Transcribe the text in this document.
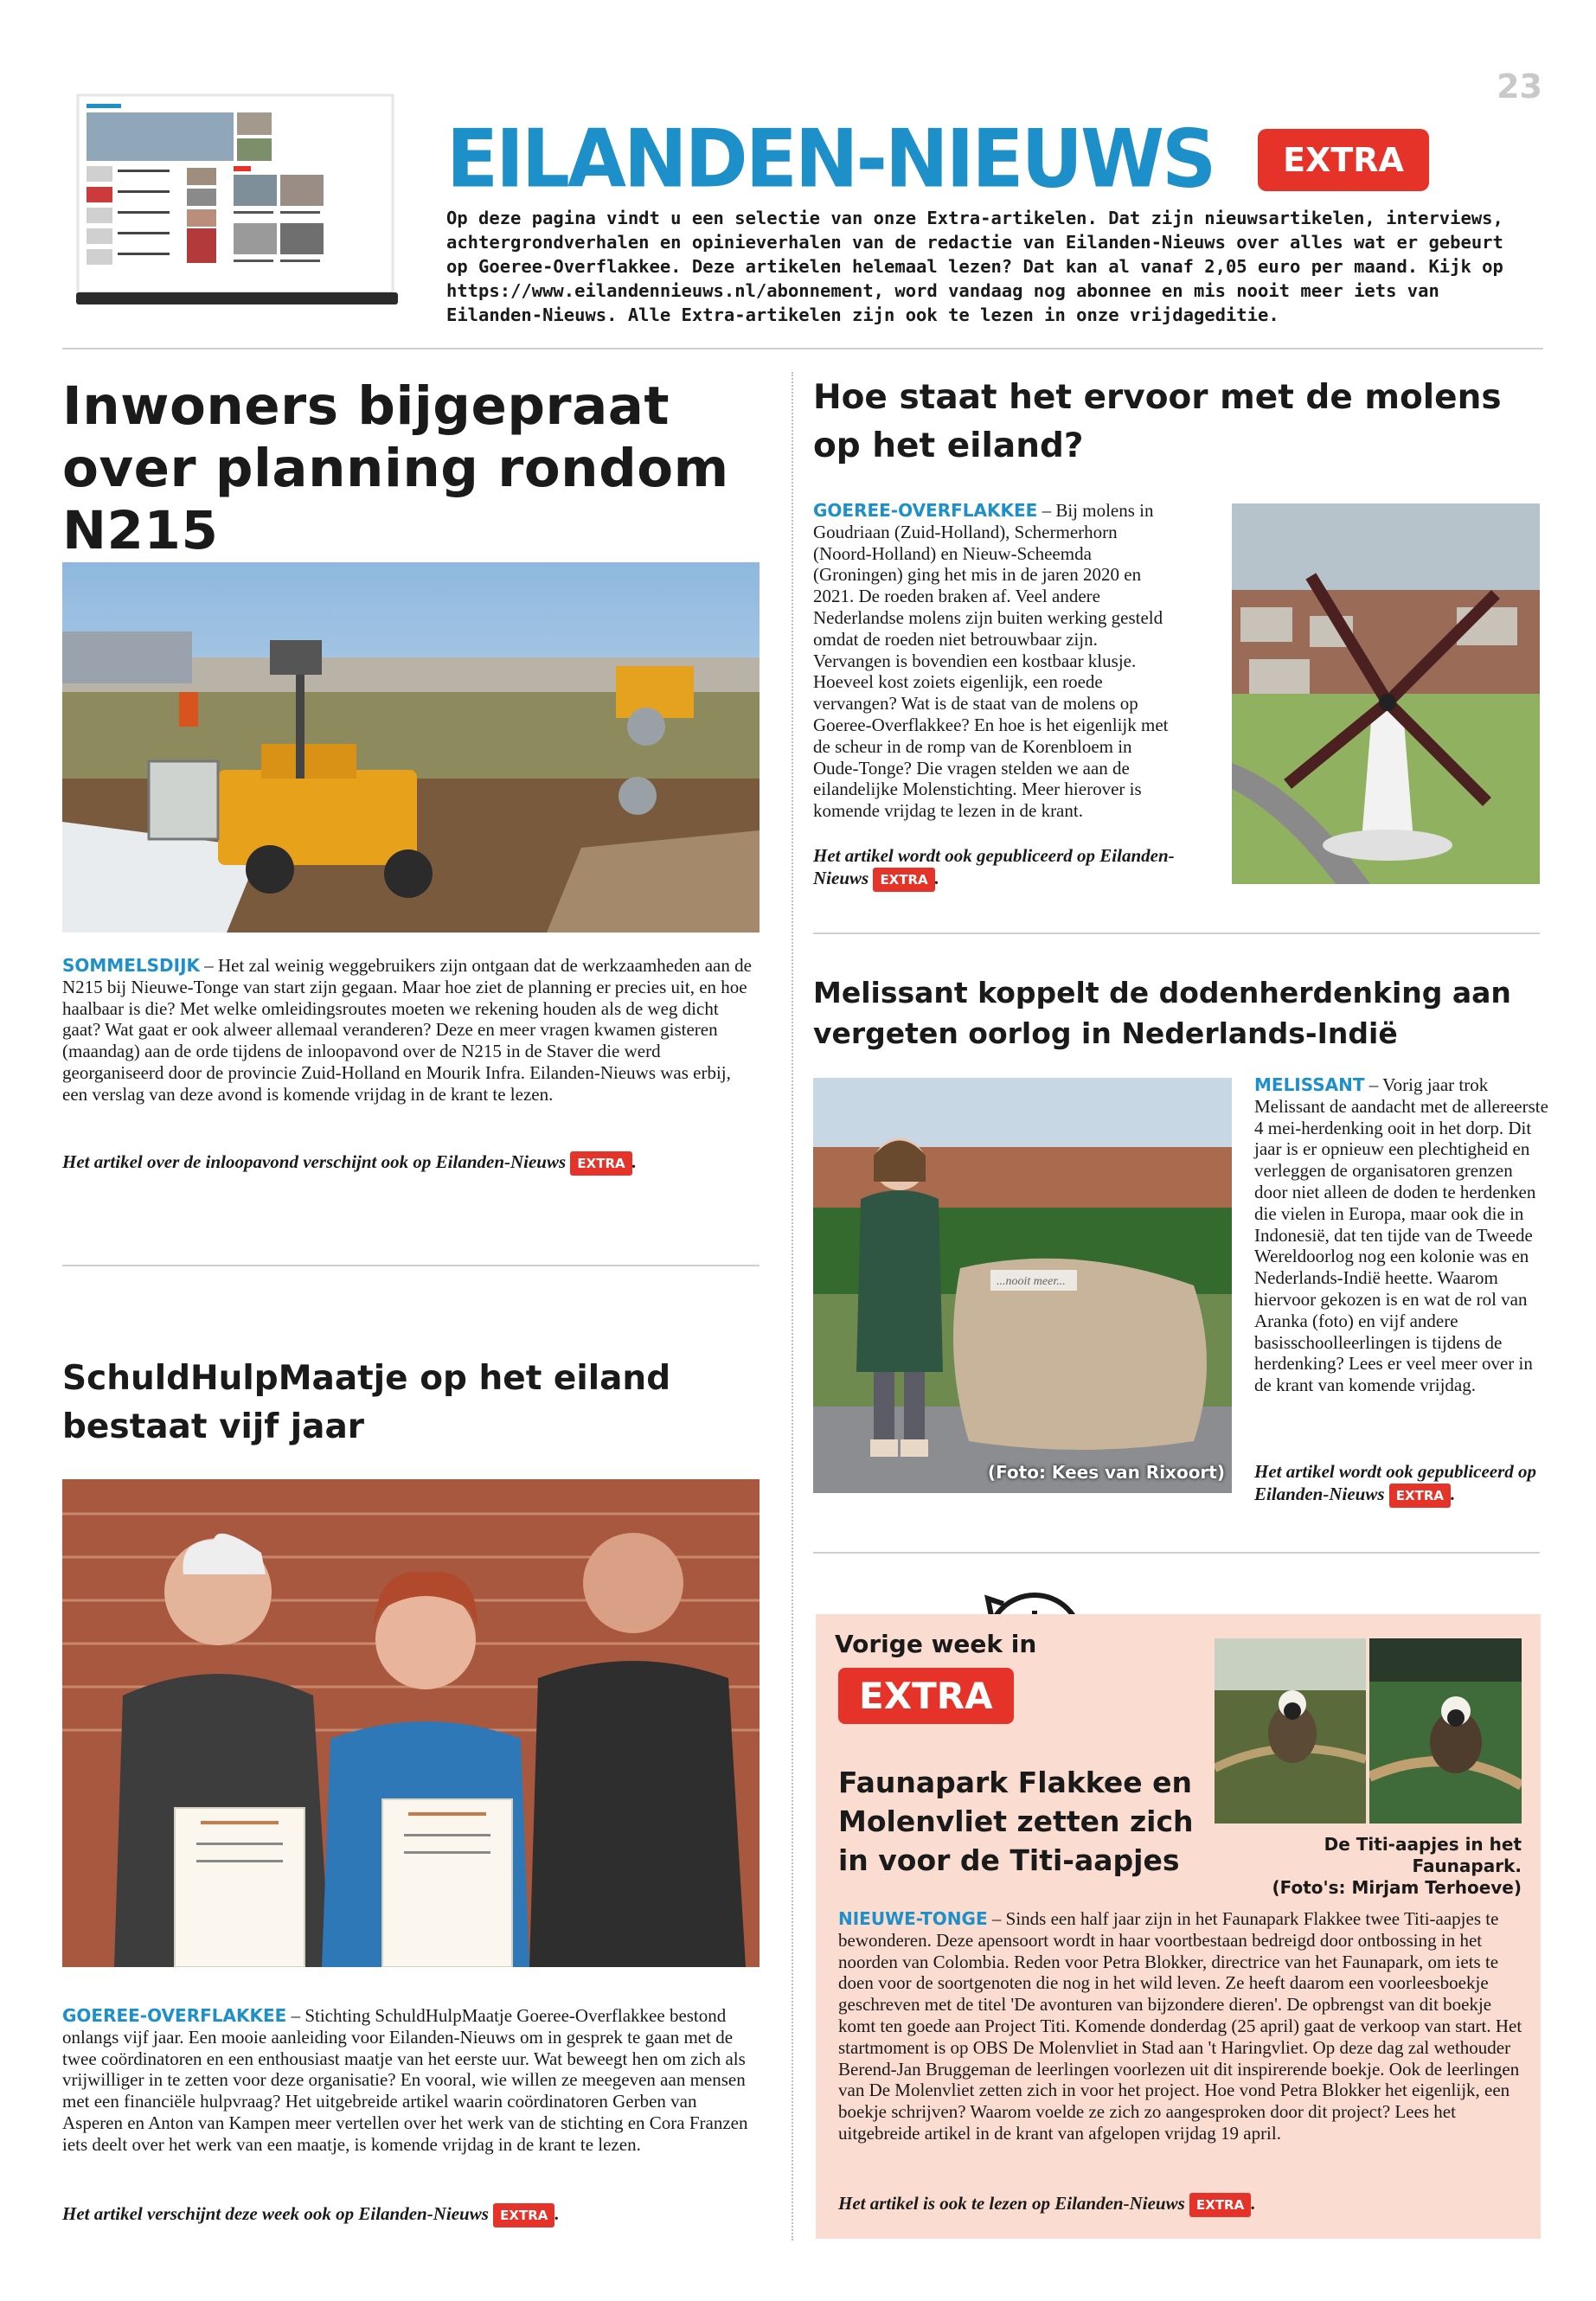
23
EILANDEN-NIEUWS	EXTRA
Op deze pagina vindt u een selectie van onze Extra-artikelen. Dat zijn nieuwsartikelen, interviews, achtergrondverhalen en opinieverhalen van de redactie van Eilanden-Nieuws over alles wat er gebeurt op Goeree-Overflakkee. Deze artikelen helemaal lezen? Dat kan al vanaf 2,05 euro per maand. Kijk op https://www.eilandennieuws.nl/abonnement, word vandaag nog abonnee en mis nooit meer iets van Eilanden-Nieuws. Alle Extra-artikelen zijn ook te lezen in onze vrijdageditie.
Inwoners bijgepraat over planning rondom N215
SOMMELSDIJK – Het zal weinig weggebruikers zijn ontgaan dat de werkzaamheden aan de N215 bij Nieuwe-Tonge van start zijn gegaan. Maar hoe ziet de planning er precies uit, en hoe haalbaar is die? Met welke omleidingsroutes moeten we rekening houden als de weg dicht gaat? Wat gaat er ook alweer allemaal veranderen? Deze en meer vragen kwamen gisteren (maandag) aan de orde tijdens de inloopavond over de N215 in de Staver die werd georganiseerd door de provincie Zuid-Holland en Mourik Infra. Eilanden-Nieuws was erbij, een verslag van deze avond is komende vrijdag in de krant te lezen.
Het artikel over de inloopavond verschijnt ook op Eilanden-Nieuws EXTRA .
SchuldHulpMaatje op het eiland bestaat vijf jaar
GOEREE-OVERFLAKKEE – Stichting SchuldHulpMaatje Goeree-Overflakkee bestond onlangs vijf jaar. Een mooie aanleiding voor Eilanden-Nieuws om in gesprek te gaan met de twee coördinatoren en een enthousiast maatje van het eerste uur. Wat beweegt hen om zich als vrijwilliger in te zetten voor deze organisatie? En vooral, wie willen ze meegeven aan mensen met een financiële hulpvraag? Het uitgebreide artikel waarin coördinatoren Gerben van Asperen en Anton van Kampen meer vertellen over het werk van de stichting en Cora Franzen iets deelt over het werk van een maatje, is komende vrijdag in de krant te lezen.
Het artikel verschijnt deze week ook op Eilanden-Nieuws EXTRA .
Hoe staat het ervoor met de molens op het eiland?
GOEREE-OVERFLAKKEE – Bij molens in Goudriaan (Zuid-Holland), Schermerhorn (Noord-Holland) en Nieuw-Scheemda (Groningen) ging het mis in de jaren 2020 en 2021. De roeden braken af. Veel andere Nederlandse molens zijn buiten werking gesteld omdat de roeden niet betrouwbaar zijn. Vervangen is bovendien een kostbaar klusje. Hoeveel kost zoiets eigenlijk, een roede vervangen? Wat is de staat van de molens op Goeree-Overflakkee? En hoe is het eigenlijk met de scheur in de romp van de Korenbloem in Oude-Tonge? Die vragen stelden we aan de eilandelijke Molenstichting. Meer hierover is komende vrijdag te lezen in de krant.
Het artikel wordt ook gepubliceerd op Eilanden-Nieuws EXTRA .
Melissant koppelt de dodenherdenking aan vergeten oorlog in Nederlands-Indië
...nooit meer...
(Foto: Kees van Rixoort)
MELISSANT – Vorig jaar trok Melissant de aandacht met de allereerste 4 mei-herdenking ooit in het dorp. Dit jaar is er opnieuw een plechtigheid en verleggen de organisatoren grenzen door niet alleen de doden te herdenken die vielen in Europa, maar ook die in Indonesië, dat ten tijde van de Tweede Wereldoorlog nog een kolonie was en Nederlands-Indië heette. Waarom hiervoor gekozen is en wat de rol van Aranka (foto) en vijf andere basisschoolleerlingen is tijdens de herdenking? Lees er veel meer over in de krant van komende vrijdag.
Het artikel wordt ook gepubliceerd op Eilanden-Nieuws EXTRA .
Vorige week in
EXTRA
Faunapark Flakkee en Molenvliet zetten zich in voor de Titi-aapjes	De Titi-aapjes in het Faunapark.
(Foto's: Mirjam Terhoeve)
NIEUWE-TONGE – Sinds een half jaar zijn in het Faunapark Flakkee twee Titi-aapjes te bewonderen. Deze apensoort wordt in haar voortbestaan bedreigd door ontbossing in het noorden van Colombia. Reden voor Petra Blokker, directrice van het Faunapark, om iets te doen voor de soortgenoten die nog in het wild leven. Ze heeft daarom een voorleesboekje geschreven met de titel 'De avonturen van bijzondere dieren'. De opbrengst van dit boekje komt ten goede aan Project Titi. Komende donderdag (25 april) gaat de verkoop van start. Het startmoment is op OBS De Molenvliet in Stad aan 't Haringvliet. Op deze dag zal wethouder Berend-Jan Bruggeman de leerlingen voorlezen uit dit inspirerende boekje. Ook de leerlingen van De Molenvliet zetten zich in voor het project. Hoe vond Petra Blokker het eigenlijk, een boekje schrijven? Waarom voelde ze zich zo aangesproken door dit project? Lees het uitgebreide artikel in de krant van afgelopen vrijdag 19 april.
Het artikel is ook te lezen op Eilanden-Nieuws EXTRA .
